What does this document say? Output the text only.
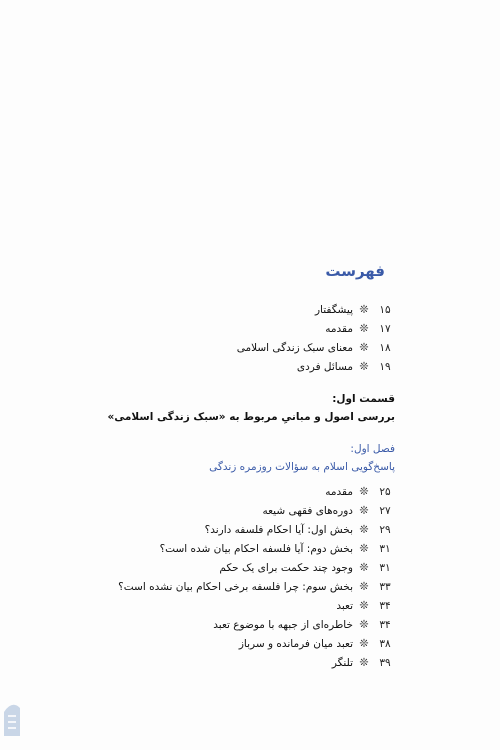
فهرست
۱۵
❊
پیشگفتار
۱۷
❊
مقدمه
۱۸
❊
معنای سبک زندگی اسلامی
۱۹
❊
مسائل فردی
قسمت اول:
بررسی اصول و مبانیِ مربوط به «سبک زندگی اسلامی»
فصل اول:
پاسخ‌گویی اسلام به سؤالات روزمره زندگی
۲۵
❊
مقدمه
۲۷
❊
دوره‌های فقهی شیعه
۲۹
❊
بخش اول: آیا احکام فلسفه دارند؟
۳۱
❊
بخش دوم: آیا فلسفه احکام بیان شده است؟
۳۱
❊
وجود چند حکمت برای یک حکم
۳۳
❊
بخش سوم: چرا فلسفه برخی احکام بیان نشده است؟
۳۴
❊
تعبد
۳۴
❊
خاطره‌ای از جبهه با موضوع تعبد
۳۸
❊
تعبد میان فرمانده و سرباز
۳۹
❊
تلنگر
